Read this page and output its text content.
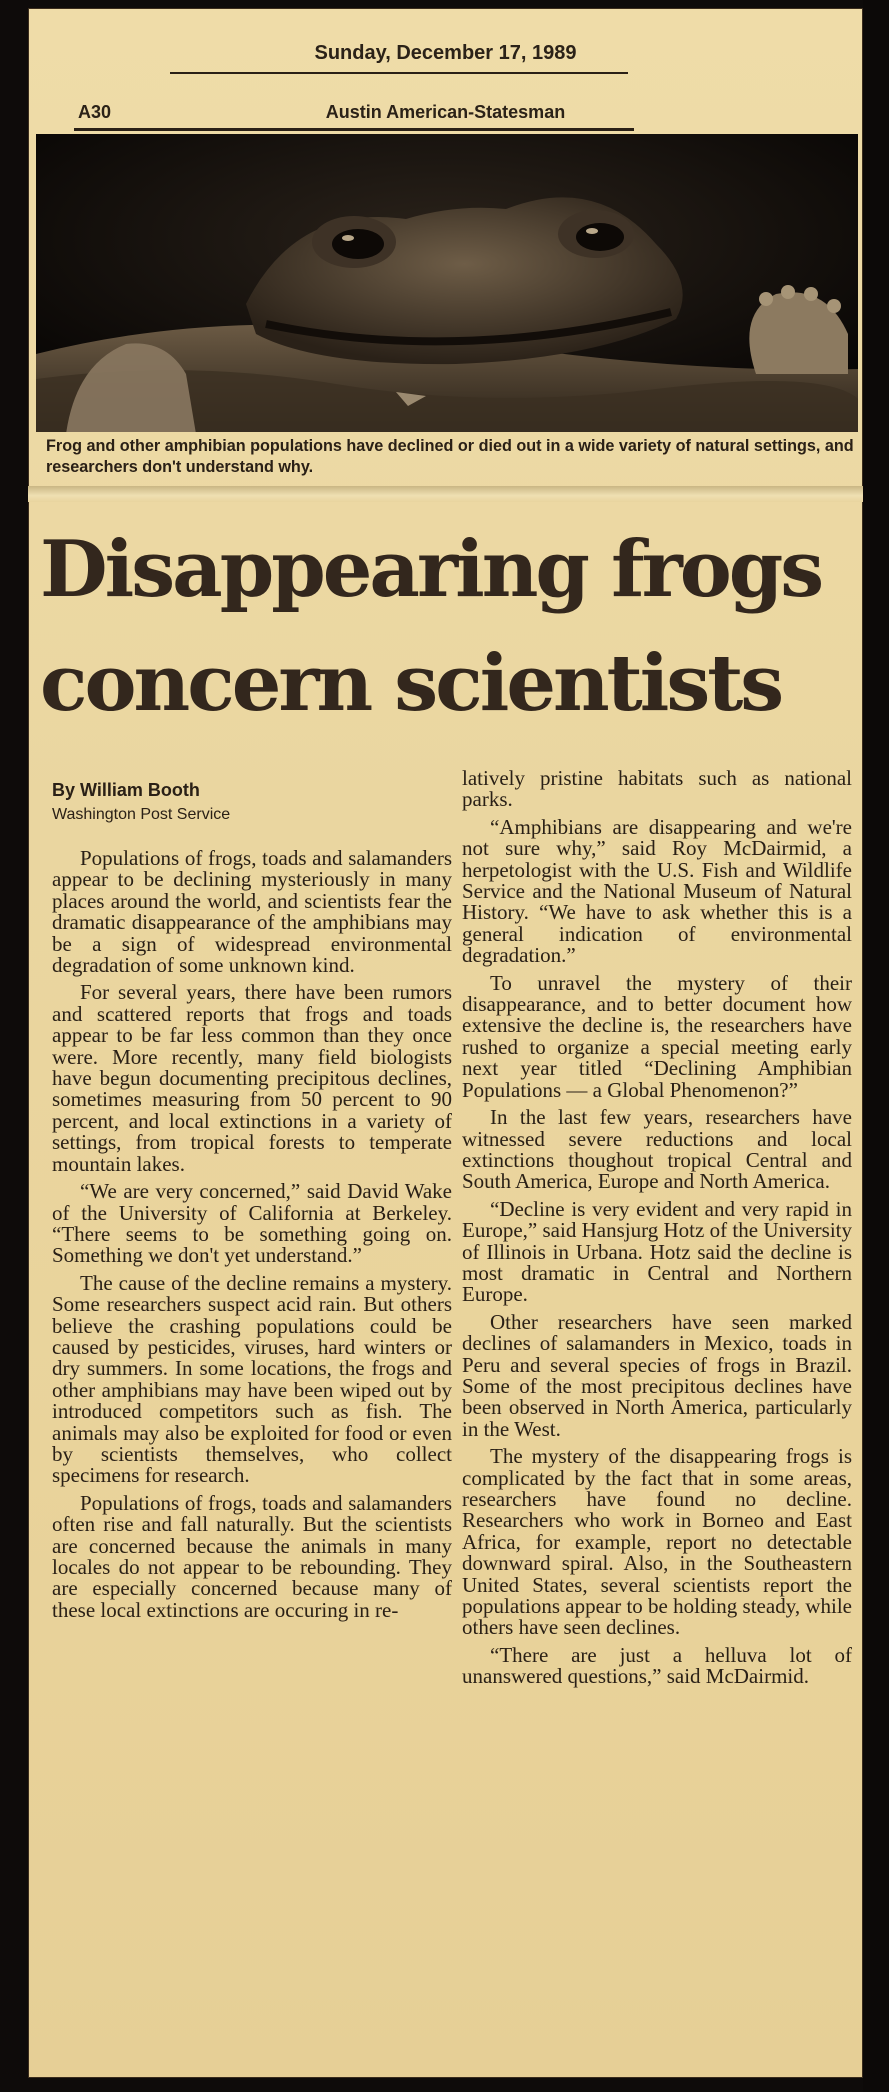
Sunday, December 17, 1989
A30	Austin American-Statesman
Frog and other amphibian populations have declined or died out in a wide variety of natural settings, and researchers don't understand why.
Disappearing frogs
concern scientists
By William Booth
Washington Post Service

Populations of frogs, toads and salamanders appear to be declining mysteriously in many places around the world, and scientists fear the dramatic disappearance of the amphibians may be a sign of widespread environmental degradation of some unknown kind.

For several years, there have been rumors and scattered reports that frogs and toads appear to be far less common than they once were. More recently, many field biologists have begun documenting precipitous declines, sometimes measuring from 50 percent to 90 percent, and local extinctions in a variety of settings, from tropical forests to temperate mountain lakes.

“We are very concerned,” said David Wake of the University of California at Berkeley. “There seems to be something going on. Something we don't yet understand.”

The cause of the decline remains a mystery. Some researchers suspect acid rain. But others believe the crashing populations could be caused by pesticides, viruses, hard winters or dry summers. In some locations, the frogs and other amphibians may have been wiped out by introduced competitors such as fish. The animals may also be exploited for food or even by scientists themselves, who collect specimens for research.

Populations of frogs, toads and salamanders often rise and fall naturally. But the scientists are concerned because the animals in many locales do not appear to be rebounding. They are especially concerned because many of these local extinctions are occuring in re-

latively pristine habitats such as national parks.

“Amphibians are disappearing and we're not sure why,” said Roy McDairmid, a herpetologist with the U.S. Fish and Wildlife Service and the National Museum of Natural History. “We have to ask whether this is a general indication of environmental degradation.”

To unravel the mystery of their disappearance, and to better document how extensive the decline is, the researchers have rushed to organize a special meeting early next year titled “Declining Amphibian Populations — a Global Phenomenon?”

In the last few years, researchers have witnessed severe reductions and local extinctions thoughout tropical Central and South America, Europe and North America.

“Decline is very evident and very rapid in Europe,” said Hansjurg Hotz of the University of Illinois in Urbana. Hotz said the decline is most dramatic in Central and Northern Europe.

Other researchers have seen marked declines of salamanders in Mexico, toads in Peru and several species of frogs in Brazil. Some of the most precipitous declines have been observed in North America, particularly in the West.

The mystery of the disappearing frogs is complicated by the fact that in some areas, researchers have found no decline. Researchers who work in Borneo and East Africa, for example, report no detectable downward spiral. Also, in the Southeastern United States, several scientists report the populations appear to be holding steady, while others have seen declines.

“There are just a helluva lot of unanswered questions,” said McDairmid.
